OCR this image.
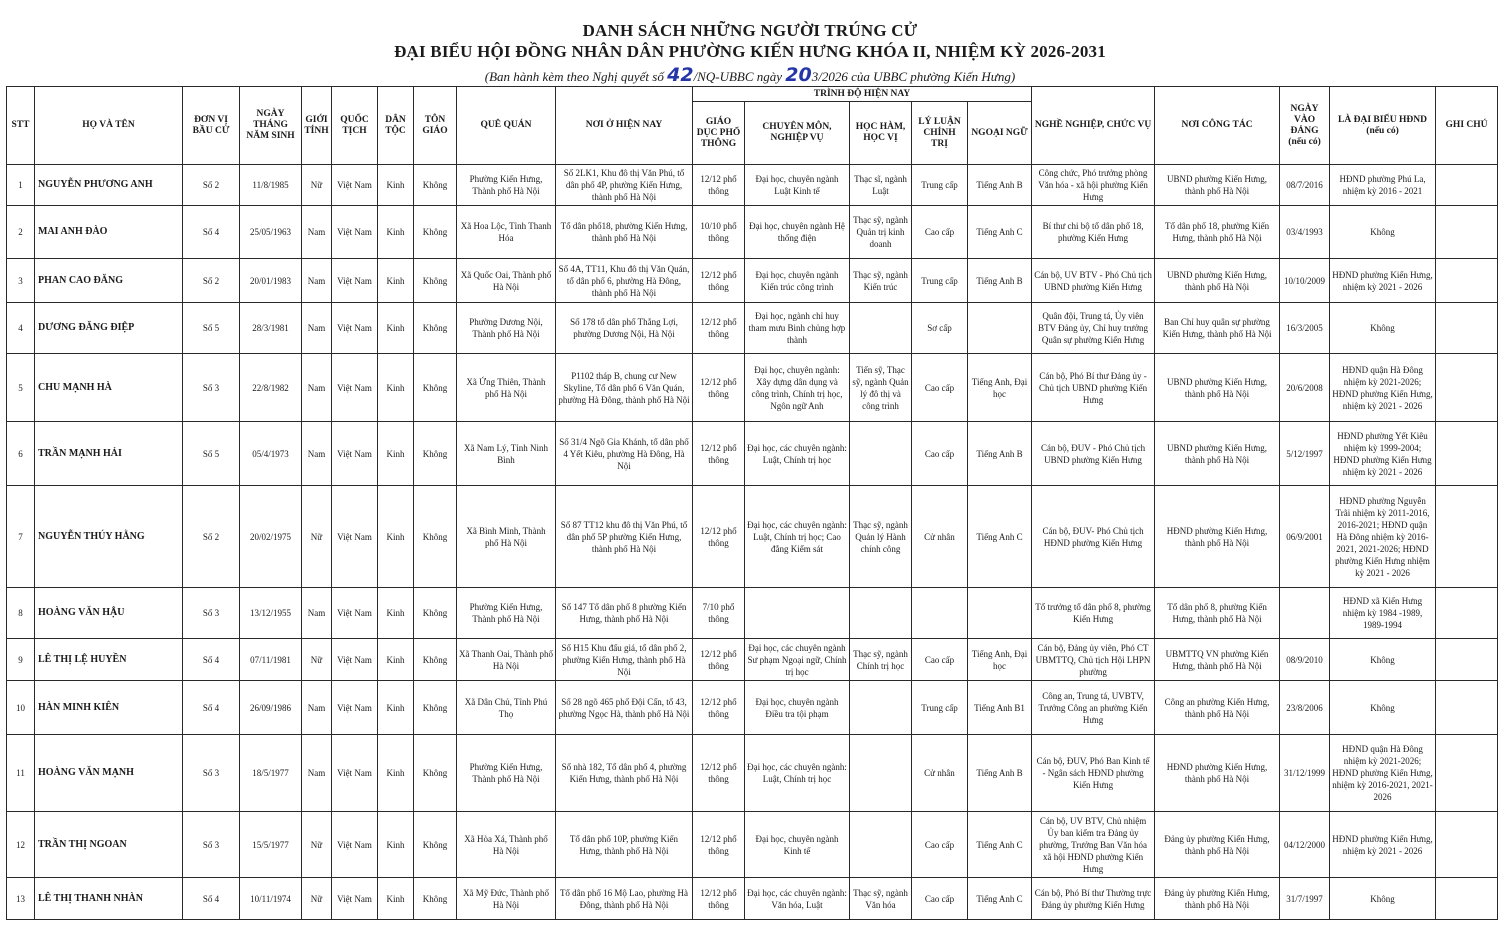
DANH SÁCH NHỮNG NGƯỜI TRÚNG CỬ
ĐẠI BIỂU HỘI ĐỒNG NHÂN DÂN PHƯỜNG KIẾN HƯNG KHÓA II, NHIỆM KỲ 2026-2031
(Ban hành kèm theo Nghị quyết số 42/NQ-UBBC ngày 203/2026 của UBBC phường Kiến Hưng)
STT	HỌ VÀ TÊN	ĐƠN VỊ BẦU CỬ	NGÀY THÁNG NĂM SINH	GIỚI TÍNH	QUỐC TỊCH	DÂN TỘC	TÔN GIÁO	QUÊ QUÁN	NƠI Ở HIỆN NAY	TRÌNH ĐỘ HIỆN NAY					NGHỀ NGHIỆP, CHỨC VỤ	NƠI CÔNG TÁC	NGÀY VÀO ĐẢNG (nếu có)	LÀ ĐẠI BIỂU HĐND (nếu có)	GHI CHÚ
										GIÁO DỤC PHỔ THÔNG	CHUYÊN MÔN, NGHIỆP VỤ	HỌC HÀM, HỌC VỊ	LÝ LUẬN CHÍNH TRỊ	NGOẠI NGỮ					
1	NGUYỄN PHƯƠNG ANH	Số 2	11/8/1985	Nữ	Việt Nam	Kinh	Không	Phường Kiến Hưng, Thành phố Hà Nội	Số 2LK1, Khu đô thị Văn Phú, tổ dân phố 4P, phường Kiến Hưng, thành phố Hà Nội	12/12 phổ thông	Đại học, chuyên ngành Luật Kinh tế	Thạc sĩ, ngành Luật	Trung cấp	Tiếng Anh B	Công chức, Phó trưởng phòng Văn hóa - xã hội phường Kiến Hưng	UBND phường Kiến Hưng, thành phố Hà Nội	08/7/2016	HĐND phường Phú La, nhiệm kỳ 2016 - 2021	
2	MAI ANH ĐÀO	Số 4	25/05/1963	Nam	Việt Nam	Kinh	Không	Xã Hoa Lộc, Tỉnh Thanh Hóa	Tổ dân phố18, phường Kiến Hưng, thành phố Hà Nội	10/10 phổ thông	Đại học, chuyên ngành Hệ thống điện	Thạc sỹ, ngành Quản trị kinh doanh	Cao cấp	Tiếng Anh C	Bí thư chi bộ tổ dân phố 18, phường Kiến Hưng	Tổ dân phố 18, phường Kiến Hưng, thành phố Hà Nội	03/4/1993	Không	
3	PHAN CAO ĐĂNG	Số 2	20/01/1983	Nam	Việt Nam	Kinh	Không	Xã Quốc Oai, Thành phố Hà Nội	Số 4A, TT11, Khu đô thị Văn Quán, tổ dân phố 6, phường Hà Đông, thành phố Hà Nội	12/12 phổ thông	Đại học, chuyên ngành Kiến trúc công trình	Thạc sỹ, ngành Kiến trúc	Trung cấp	Tiếng Anh B	Cán bộ, UV BTV - Phó Chủ tịch UBND phường Kiến Hưng	UBND phường Kiến Hưng, thành phố Hà Nội	10/10/2009	HĐND phường Kiến Hưng, nhiệm kỳ 2021 - 2026	
4	DƯƠNG ĐĂNG ĐIỆP	Số 5	28/3/1981	Nam	Việt Nam	Kinh	Không	Phường Dương Nội, Thành phố Hà Nội	Số 178 tổ dân phố Thắng Lợi, phường Dương Nội, Hà Nội	12/12 phổ thông	Đại học, ngành chỉ huy tham mưu Binh chủng hợp thành		Sơ cấp		Quân đội, Trung tá, Ủy viên BTV Đảng ủy, Chỉ huy trưởng Quân sự phường Kiến Hưng	Ban Chỉ huy quân sự phường Kiến Hưng, thành phố Hà Nội	16/3/2005	Không	
5	CHU MẠNH HÀ	Số 3	22/8/1982	Nam	Việt Nam	Kinh	Không	Xã Ứng Thiên, Thành phố Hà Nội	P1102 tháp B, chung cư New Skyline, Tổ dân phố 6 Văn Quán, phường Hà Đông, thành phố Hà Nội	12/12 phổ thông	Đại học, chuyên ngành: Xây dựng dân dụng và công trình, Chính trị học, Ngôn ngữ Anh	Tiến sỹ, Thạc sỹ, ngành Quản lý đô thị và công trình	Cao cấp	Tiếng Anh, Đại học	Cán bộ, Phó Bí thư Đảng ủy - Chủ tịch UBND phường Kiến Hưng	UBND phường Kiến Hưng, thành phố Hà Nội	20/6/2008	HĐND quận Hà Đông nhiệm kỳ 2021-2026; HĐND phường Kiến Hưng, nhiệm kỳ 2021 - 2026	
6	TRẦN MẠNH HẢI	Số 5	05/4/1973	Nam	Việt Nam	Kinh	Không	Xã Nam Lý, Tỉnh Ninh Bình	Số 31/4 Ngõ Gia Khánh, tổ dân phố 4 Yết Kiêu, phường Hà Đông, Hà Nội	12/12 phổ thông	Đại học, các chuyên ngành: Luật, Chính trị học		Cao cấp	Tiếng Anh B	Cán bộ, ĐUV - Phó Chủ tịch UBND phường Kiến Hưng	UBND phường Kiến Hưng, thành phố Hà Nội	5/12/1997	HĐND phường Yết Kiêu nhiệm kỳ 1999-2004; HĐND phường Kiến Hưng nhiệm kỳ 2021 - 2026	
7	NGUYỄN THÚY HẰNG	Số 2	20/02/1975	Nữ	Việt Nam	Kinh	Không	Xã Bình Minh, Thành phố Hà Nội	Số 87 TT12 khu đô thị Văn Phú, tổ dân phố 5P phường Kiến Hưng, thành phố Hà Nội	12/12 phổ thông	Đại học, các chuyên ngành: Luật, Chính trị học; Cao đẳng Kiểm sát	Thạc sỹ, ngành Quản lý Hành chính công	Cử nhân	Tiếng Anh C	Cán bộ, ĐUV- Phó Chủ tịch HĐND phường Kiến Hưng	HĐND phường Kiến Hưng, thành phố Hà Nội	06/9/2001	HĐND phường Nguyễn Trãi nhiệm kỳ 2011-2016, 2016-2021; HĐND quận Hà Đông nhiệm kỳ 2016-2021, 2021-2026; HĐND phường Kiến Hưng nhiệm kỳ 2021 - 2026	
8	HOÀNG VĂN HẬU	Số 3	13/12/1955	Nam	Việt Nam	Kinh	Không	Phường Kiến Hưng, Thành phố Hà Nội	Số 147 Tổ dân phố 8 phường Kiến Hưng, thành phố Hà Nội	7/10 phổ thông					Tổ trưởng tổ dân phố 8, phường Kiến Hưng	Tổ dân phố 8, phường Kiến Hưng, thành phố Hà Nội		HĐND xã Kiến Hưng nhiệm kỳ 1984 -1989, 1989-1994	
9	LÊ THỊ LỆ HUYỀN	Số 4	07/11/1981	Nữ	Việt Nam	Kinh	Không	Xã Thanh Oai, Thành phố Hà Nội	Số H15 Khu đấu giá, tổ dân phố 2, phường Kiến Hưng, thành phố Hà Nội	12/12 phổ thông	Đại học, các chuyên ngành Sư phạm Ngoại ngữ, Chính trị học	Thạc sỹ, ngành Chính trị học	Cao cấp	Tiếng Anh, Đại học	Cán bộ, Đảng ủy viên, Phó CT UBMTTQ, Chủ tịch Hội LHPN phường	UBMTTQ VN phường Kiến Hưng, thành phố Hà Nội	08/9/2010	Không	
10	HÀN MINH KIÊN	Số 4	26/09/1986	Nam	Việt Nam	Kinh	Không	Xã Dân Chủ, Tỉnh Phú Thọ	Số 28 ngõ 465 phố Đội Cấn, tổ 43, phường Ngọc Hà, thành phố Hà Nội	12/12 phổ thông	Đại học, chuyên ngành Điều tra tội phạm		Trung cấp	Tiếng Anh B1	Công an, Trung tá, UVBTV, Trưởng Công an phường Kiến Hưng	Công an phường Kiến Hưng, thành phố Hà Nội	23/8/2006	Không	
11	HOÀNG VĂN MẠNH	Số 3	18/5/1977	Nam	Việt Nam	Kinh	Không	Phường Kiến Hưng, Thành phố Hà Nội	Số nhà 182, Tổ dân phố 4, phường Kiến Hưng, thành phố Hà Nội	12/12 phổ thông	Đại học, các chuyên ngành: Luật, Chính trị học		Cử nhân	Tiếng Anh B	Cán bộ, ĐUV, Phó Ban Kinh tế - Ngân sách HĐND phường Kiến Hưng	HĐND phường Kiến Hưng, thành phố Hà Nội	31/12/1999	HĐND quận Hà Đông nhiệm kỳ 2021-2026; HĐND phường Kiến Hưng, nhiệm kỳ 2016-2021, 2021-2026	
12	TRẦN THỊ NGOAN	Số 3	15/5/1977	Nữ	Việt Nam	Kinh	Không	Xã Hòa Xá, Thành phố Hà Nội	Tổ dân phố 10P, phường Kiến Hưng, thành phố Hà Nội	12/12 phổ thông	Đại học, chuyên ngành Kinh tế		Cao cấp	Tiếng Anh C	Cán bộ, UV BTV, Chủ nhiệm Ủy ban kiểm tra Đảng ủy phường, Trưởng Ban Văn hóa xã hội HĐND phường Kiến Hưng	Đảng ủy phường Kiến Hưng, thành phố Hà Nội	04/12/2000	HĐND phường Kiến Hưng, nhiệm kỳ 2021 - 2026	
13	LÊ THỊ THANH NHÀN	Số 4	10/11/1974	Nữ	Việt Nam	Kinh	Không	Xã Mỹ Đức, Thành phố Hà Nội	Tổ dân phố 16 Mộ Lao, phường Hà Đông, thành phố Hà Nội	12/12 phổ thông	Đại học, các chuyên ngành: Văn hóa, Luật	Thạc sỹ, ngành Văn hóa	Cao cấp	Tiếng Anh C	Cán bộ, Phó Bí thư Thường trực Đảng ủy phường Kiến Hưng	Đảng ủy phường Kiến Hưng, thành phố Hà Nội	31/7/1997	Không	
